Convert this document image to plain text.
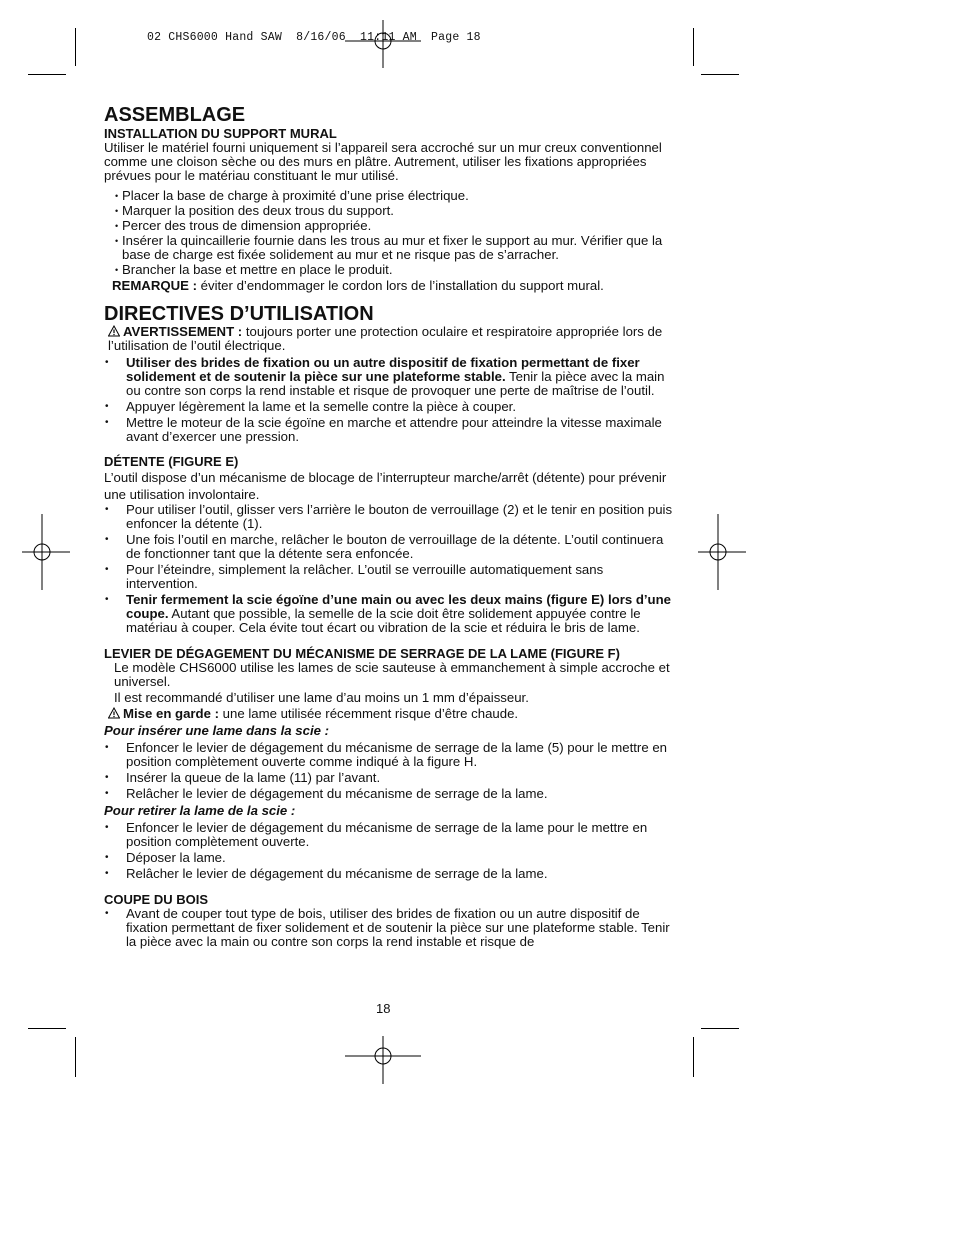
02 CHS6000 Hand SAW  8/16/06  11:11 AM  Page 18
ASSEMBLAGE
INSTALLATION DU SUPPORT MURAL

Utiliser le matériel fourni uniquement si l’appareil sera accroché sur un mur creux conventionnel comme une cloison sèche ou des murs en plâtre. Autrement, utiliser les fixations appropriées prévues pour le matériau constituant le mur utilisé.

• Placer la base de charge à proximité d’une prise électrique.
• Marquer la position des deux trous du support.
• Percer des trous de dimension appropriée.
• Insérer la quincaillerie fournie dans les trous au mur et fixer le support au mur. Vérifier que la base de charge est fixée solidement au mur et ne risque pas de s’arracher.
• Brancher la base et mettre en place le produit.

REMARQUE : éviter d’endommager le cordon lors de l’installation du support mural.

DIRECTIVES D’UTILISATION

AVERTISSEMENT : toujours porter une protection oculaire et respiratoire appropriée lors de l’utilisation de l’outil électrique.

• Utiliser des brides de fixation ou un autre dispositif de fixation permettant de fixer solidement et de soutenir la pièce sur une plateforme stable. Tenir la pièce avec la main ou contre son corps la rend instable et risque de provoquer une perte de maîtrise de l’outil.
• Appuyer légèrement la lame et la semelle contre la pièce à couper.
• Mettre le moteur de la scie égoïne en marche et attendre pour atteindre la vitesse maximale avant d’exercer une pression.
DÉTENTE (FIGURE E)

L’outil dispose d’un mécanisme de blocage de l’interrupteur marche/arrêt (détente) pour prévenir une utilisation involontaire.

• Pour utiliser l’outil, glisser vers l’arrière le bouton de verrouillage (2) et le tenir en position puis enfoncer la détente (1).
• Une fois l’outil en marche, relâcher le bouton de verrouillage de la détente. L’outil continuera de fonctionner tant que la détente sera enfoncée.
• Pour l’éteindre, simplement la relâcher. L’outil se verrouille automatiquement sans intervention.
• Tenir fermement la scie égoïne d’une main ou avec les deux mains (figure E) lors d’une coupe. Autant que possible, la semelle de la scie doit être solidement appuyée contre le matériau à couper. Cela évite tout écart ou vibration de la scie et réduira le bris de lame.
LEVIER DE DÉGAGEMENT DU MÉCANISME DE SERRAGE DE LA LAME (FIGURE F)

Le modèle CHS6000 utilise les lames de scie sauteuse à emmanchement à simple accroche et universel.

Il est recommandé d’utiliser une lame d’au moins un 1 mm d’épaisseur.

Mise en garde : une lame utilisée récemment risque d’être chaude.

Pour insérer une lame dans la scie :

• Enfoncer le levier de dégagement du mécanisme de serrage de la lame (5) pour le mettre en position complètement ouverte comme indiqué à la figure H.
• Insérer la queue de la lame (11) par l’avant.
• Relâcher le levier de dégagement du mécanisme de serrage de la lame.

Pour retirer la lame de la scie :

• Enfoncer le levier de dégagement du mécanisme de serrage de la lame pour le mettre en position complètement ouverte.
• Déposer la lame.
• Relâcher le levier de dégagement du mécanisme de serrage de la lame.
COUPE DU BOIS
• Avant de couper tout type de bois, utiliser des brides de fixation ou un autre dispositif de fixation permettant de fixer solidement et de soutenir la pièce sur une plateforme stable. Tenir la pièce avec la main ou contre son corps la rend instable et risque de
18
